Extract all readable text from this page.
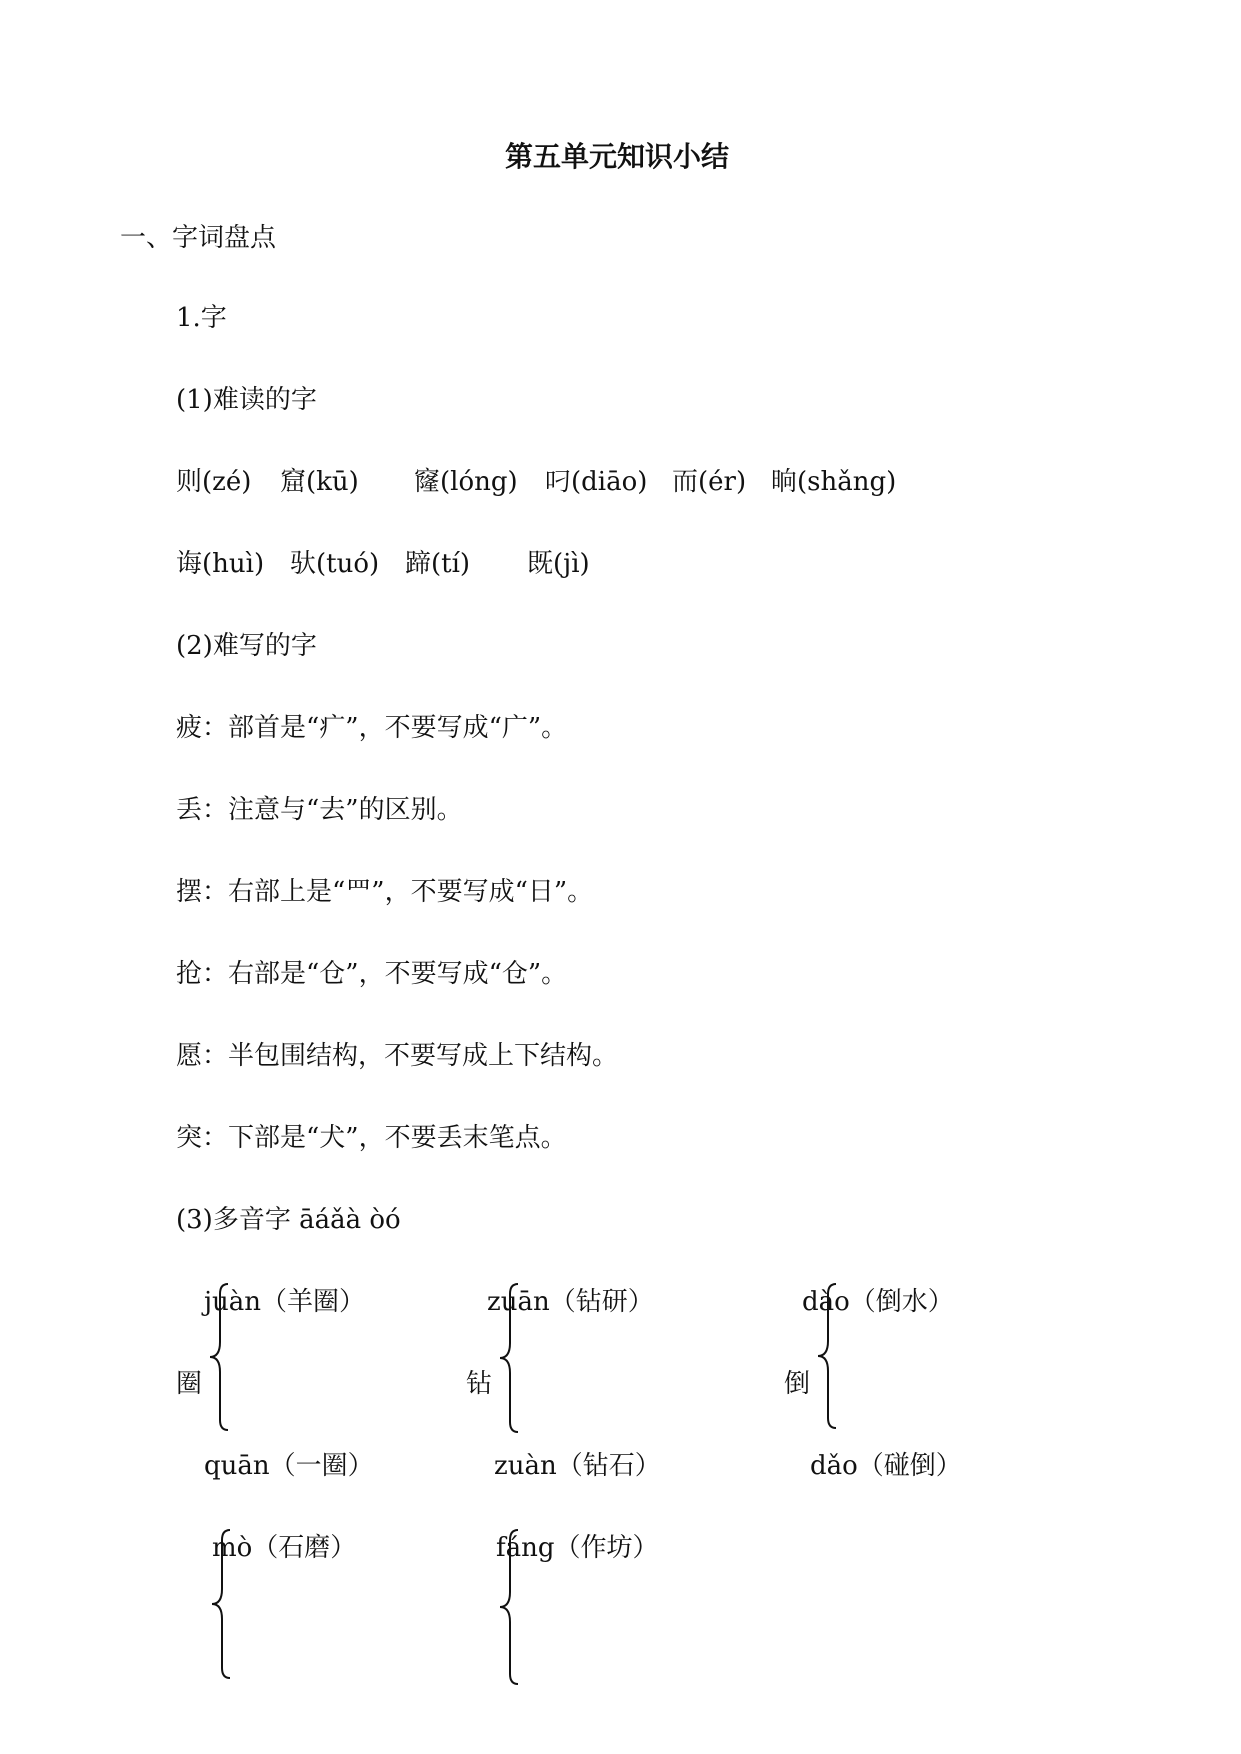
第五单元知识小结
一、字词盘点
1.字
(1)难读的字
则(zé) 窟(kū) 窿(lóng) 叼(diāo) 而(ér) 晌(shǎng)
诲(huì) 驮(tuó) 蹄(tí) 既(jì)
(2)难写的字
疲：部首是“疒”，不要写成“广”。
丢：注意与“去”的区别。
摆：右部上是“罒”，不要写成“日”。
抢：右部是“仓”，不要写成“仓”。
愿：半包围结构，不要写成上下结构。
突：下部是“犬”，不要丢末笔点。
(3)多音字 āáǎà òó
juàn（羊圈）
圈
quān（一圈）
zuān（钻研）
钻
zuàn（钻石）
dào（倒水）
倒
dǎo（碰倒）
mò（石磨）	fáng（作坊）
